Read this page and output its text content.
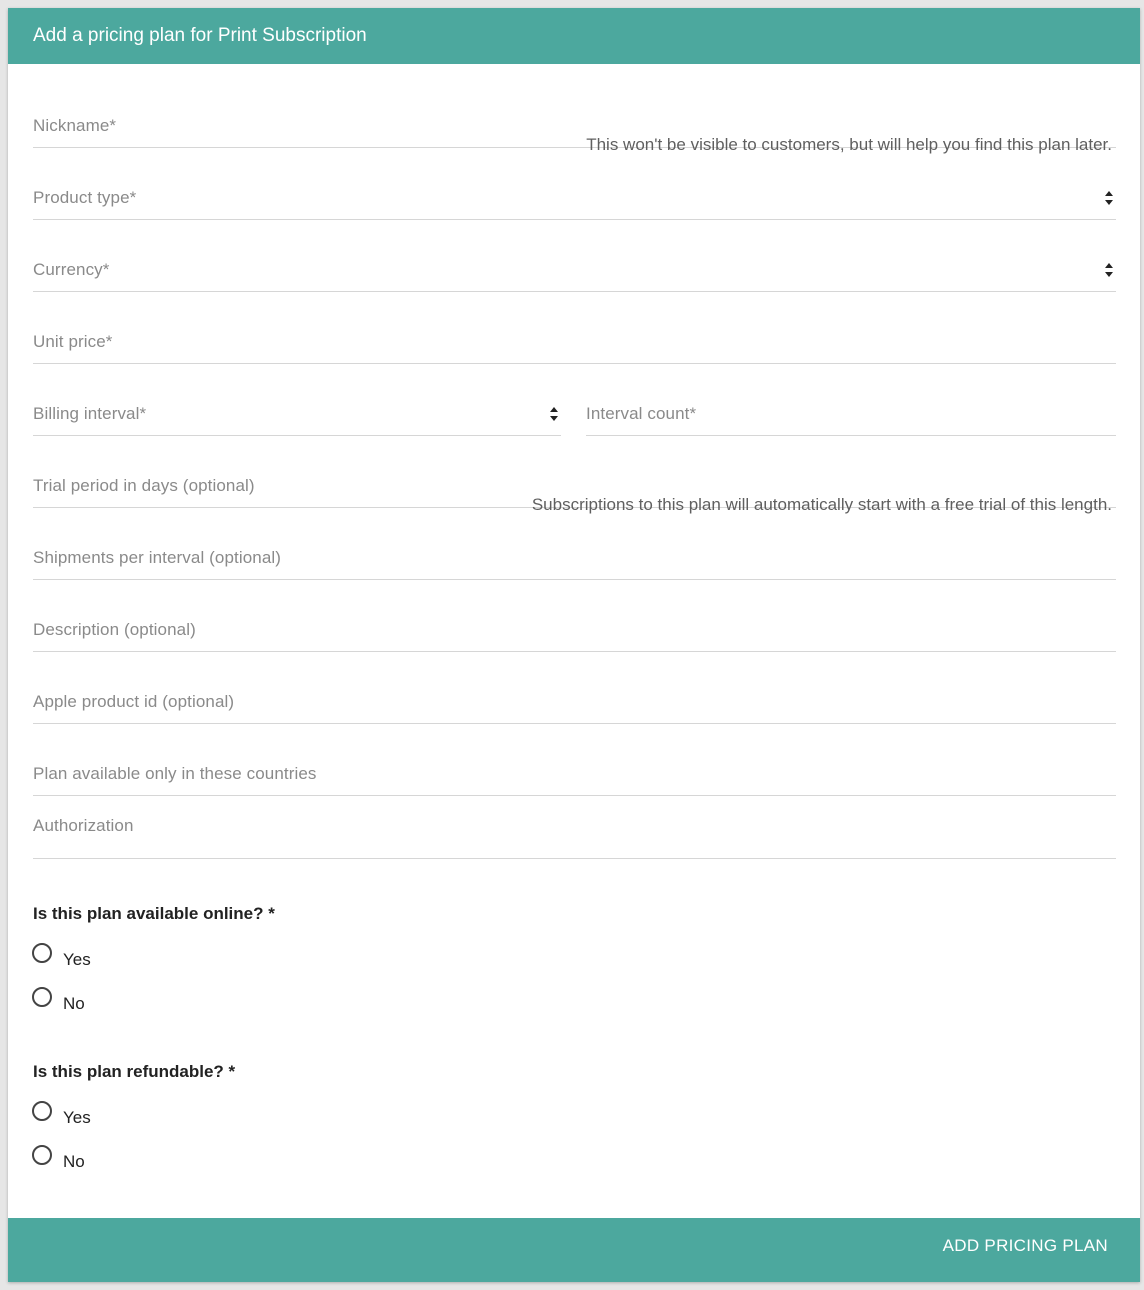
Add a pricing plan for Print Subscription
Nickname*
This won't be visible to customers, but will help you find this plan later.
Product type*
Currency*
Unit price*
Billing interval*	Interval count*
Trial period in days (optional)
Subscriptions to this plan will automatically start with a free trial of this length.
Shipments per interval (optional)
Description (optional)
Apple product id (optional)
Plan available only in these countries
Authorization
Is this plan available online? *
Yes
No
Is this plan refundable? *
Yes
No
ADD PRICING PLAN
